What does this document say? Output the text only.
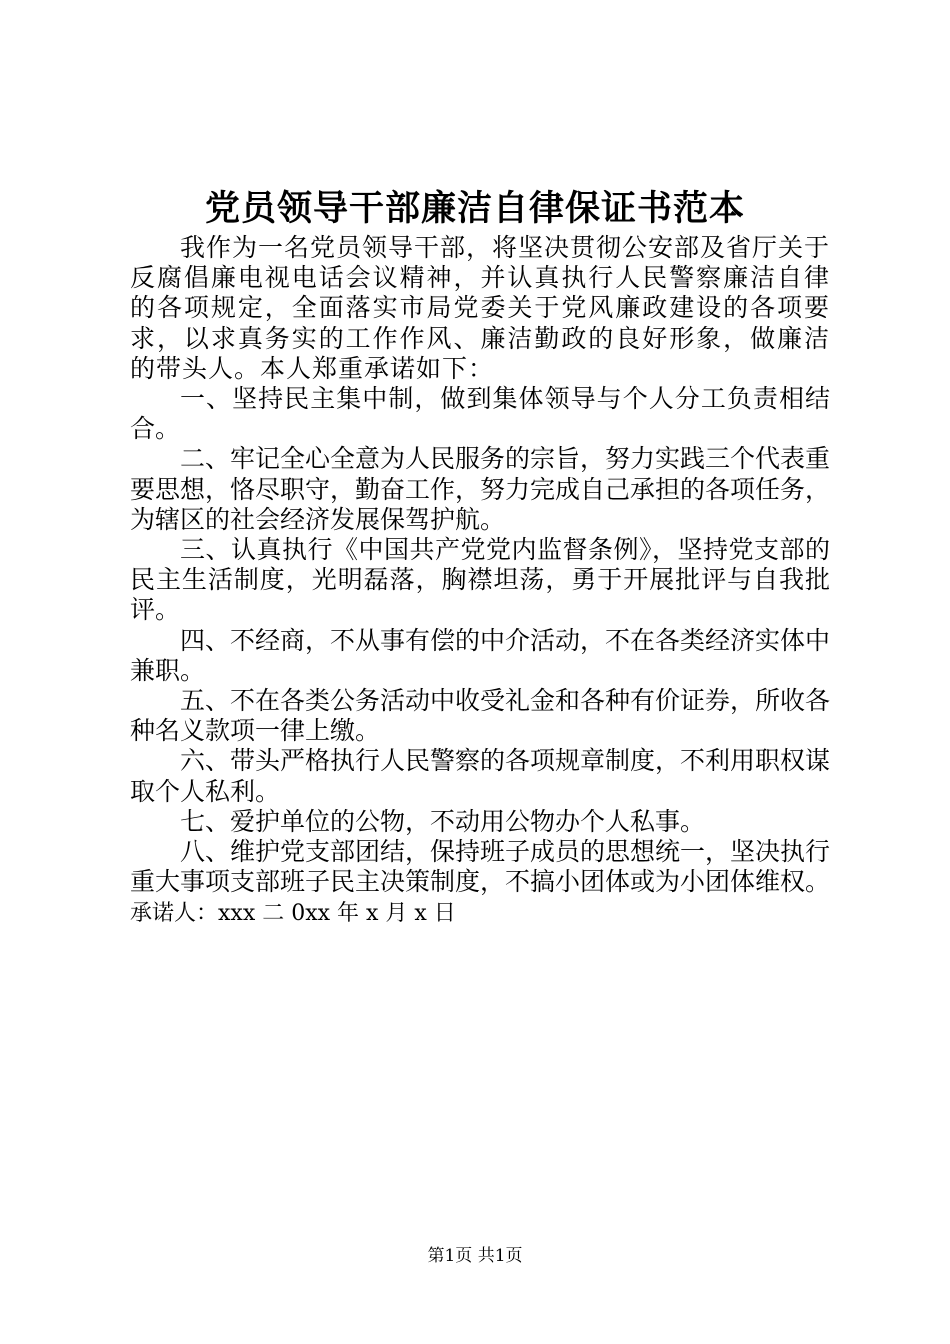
党员领导干部廉洁自律保证书范本

我作为一名党员领导干部，将坚决贯彻公安部及省厅关于反腐倡廉电视电话会议精神，并认真执行人民警察廉洁自律的各项规定，全面落实市局党委关于党风廉政建设的各项要求，以求真务实的工作作风、廉洁勤政的良好形象，做廉洁的带头人。本人郑重承诺如下：

一、坚持民主集中制，做到集体领导与个人分工负责相结合。

二、牢记全心全意为人民服务的宗旨，努力实践三个代表重要思想，恪尽职守，勤奋工作，努力完成自己承担的各项任务，为辖区的社会经济发展保驾护航。

三、认真执行《中国共产党党内监督条例》，坚持党支部的民主生活制度，光明磊落，胸襟坦荡，勇于开展批评与自我批评。

四、不经商，不从事有偿的中介活动，不在各类经济实体中兼职。

五、不在各类公务活动中收受礼金和各种有价证券，所收各种名义款项一律上缴。

六、带头严格执行人民警察的各项规章制度，不利用职权谋取个人私利。

七、爱护单位的公物，不动用公物办个人私事。

八、维护党支部团结，保持班子成员的思想统一，坚决执行重大事项支部班子民主决策制度，不搞小团体或为小团体维权。承诺人：xxx 二 0xx 年 x 月 x 日

第1页 共1页
